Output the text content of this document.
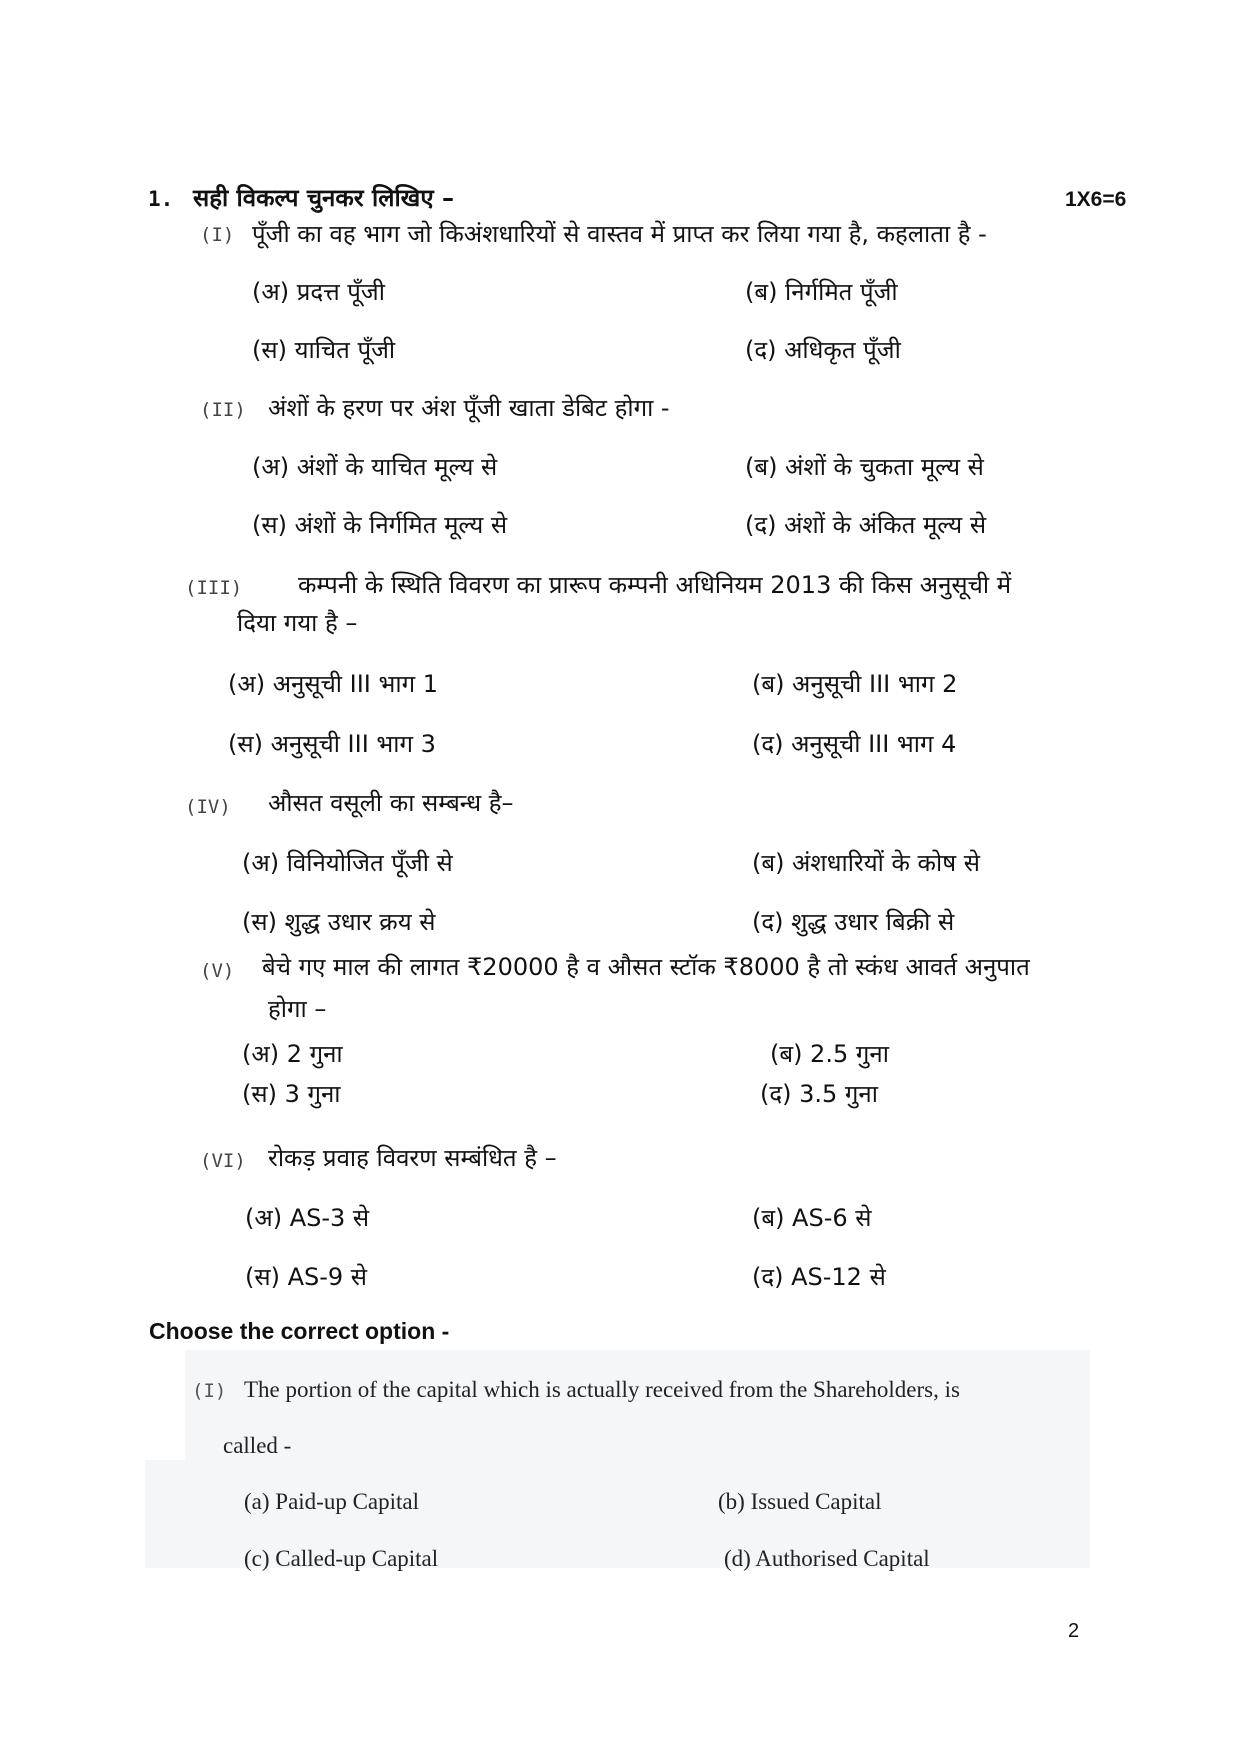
1. सही विकल्प चुनकर लिखिए –	1X6=6
(I) पूँजी का वह भाग जो किअंशधारियों से वास्तव में प्राप्त कर लिया गया है, कहलाता है -
(अ) प्रदत्त पूँजी	(ब) निर्गमित पूँजी
(स) याचित पूँजी	(द) अधिकृत पूँजी
(II) अंशों के हरण पर अंश पूँजी खाता डेबिट होगा -
(अ) अंशों के याचित मूल्य से	(ब) अंशों के चुकता मूल्य से
(स) अंशों के निर्गमित मूल्य से	(द) अंशों के अंकित मूल्य से
(III) कम्पनी के स्थिति विवरण का प्रारूप कम्पनी अधिनियम 2013 की किस अनुसूची में
दिया गया है –
(अ) अनुसूची III भाग 1	(ब) अनुसूची III भाग 2
(स) अनुसूची III भाग 3	(द) अनुसूची III भाग 4
(IV) औसत वसूली का सम्बन्ध है–
(अ) विनियोजित पूँजी से	(ब) अंशधारियों के कोष से
(स) शुद्ध उधार क्रय से	(द) शुद्ध उधार बिक्री से
(V) बेचे गए माल की लागत ₹20000 है व औसत स्टॉक ₹8000 है तो स्कंध आवर्त अनुपात
होगा –
(अ) 2 गुना	(ब) 2.5 गुना
(स) 3 गुना	(द) 3.5 गुना
(VI) रोकड़ प्रवाह विवरण सम्बंधित है –
(अ) AS-3 से	(ब) AS-6 से
(स) AS-9 से	(द) AS-12 से
Choose the correct option -
(I) The portion of the capital which is actually received from the Shareholders, is
called -
(a) Paid-up Capital	(b) Issued Capital
(c) Called-up Capital	(d) Authorised Capital
2
